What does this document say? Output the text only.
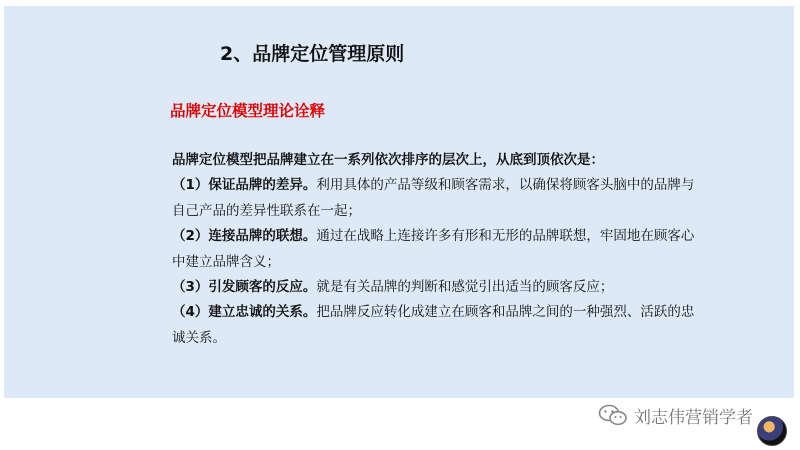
2、品牌定位管理原则
品牌定位模型理论诠释
品牌定位模型把品牌建立在一系列依次排序的层次上，从底到顶依次是：

（1）保证品牌的差异。利用具体的产品等级和顾客需求，以确保将顾客头脑中的品牌与自己产品的差异性联系在一起；

（2）连接品牌的联想。通过在战略上连接许多有形和无形的品牌联想，牢固地在顾客心中建立品牌含义；

（3）引发顾客的反应。就是有关品牌的判断和感觉引出适当的顾客反应；

（4）建立忠诚的关系。把品牌反应转化成建立在顾客和品牌之间的一种强烈、活跃的忠诚关系。

刘志伟营销学者
